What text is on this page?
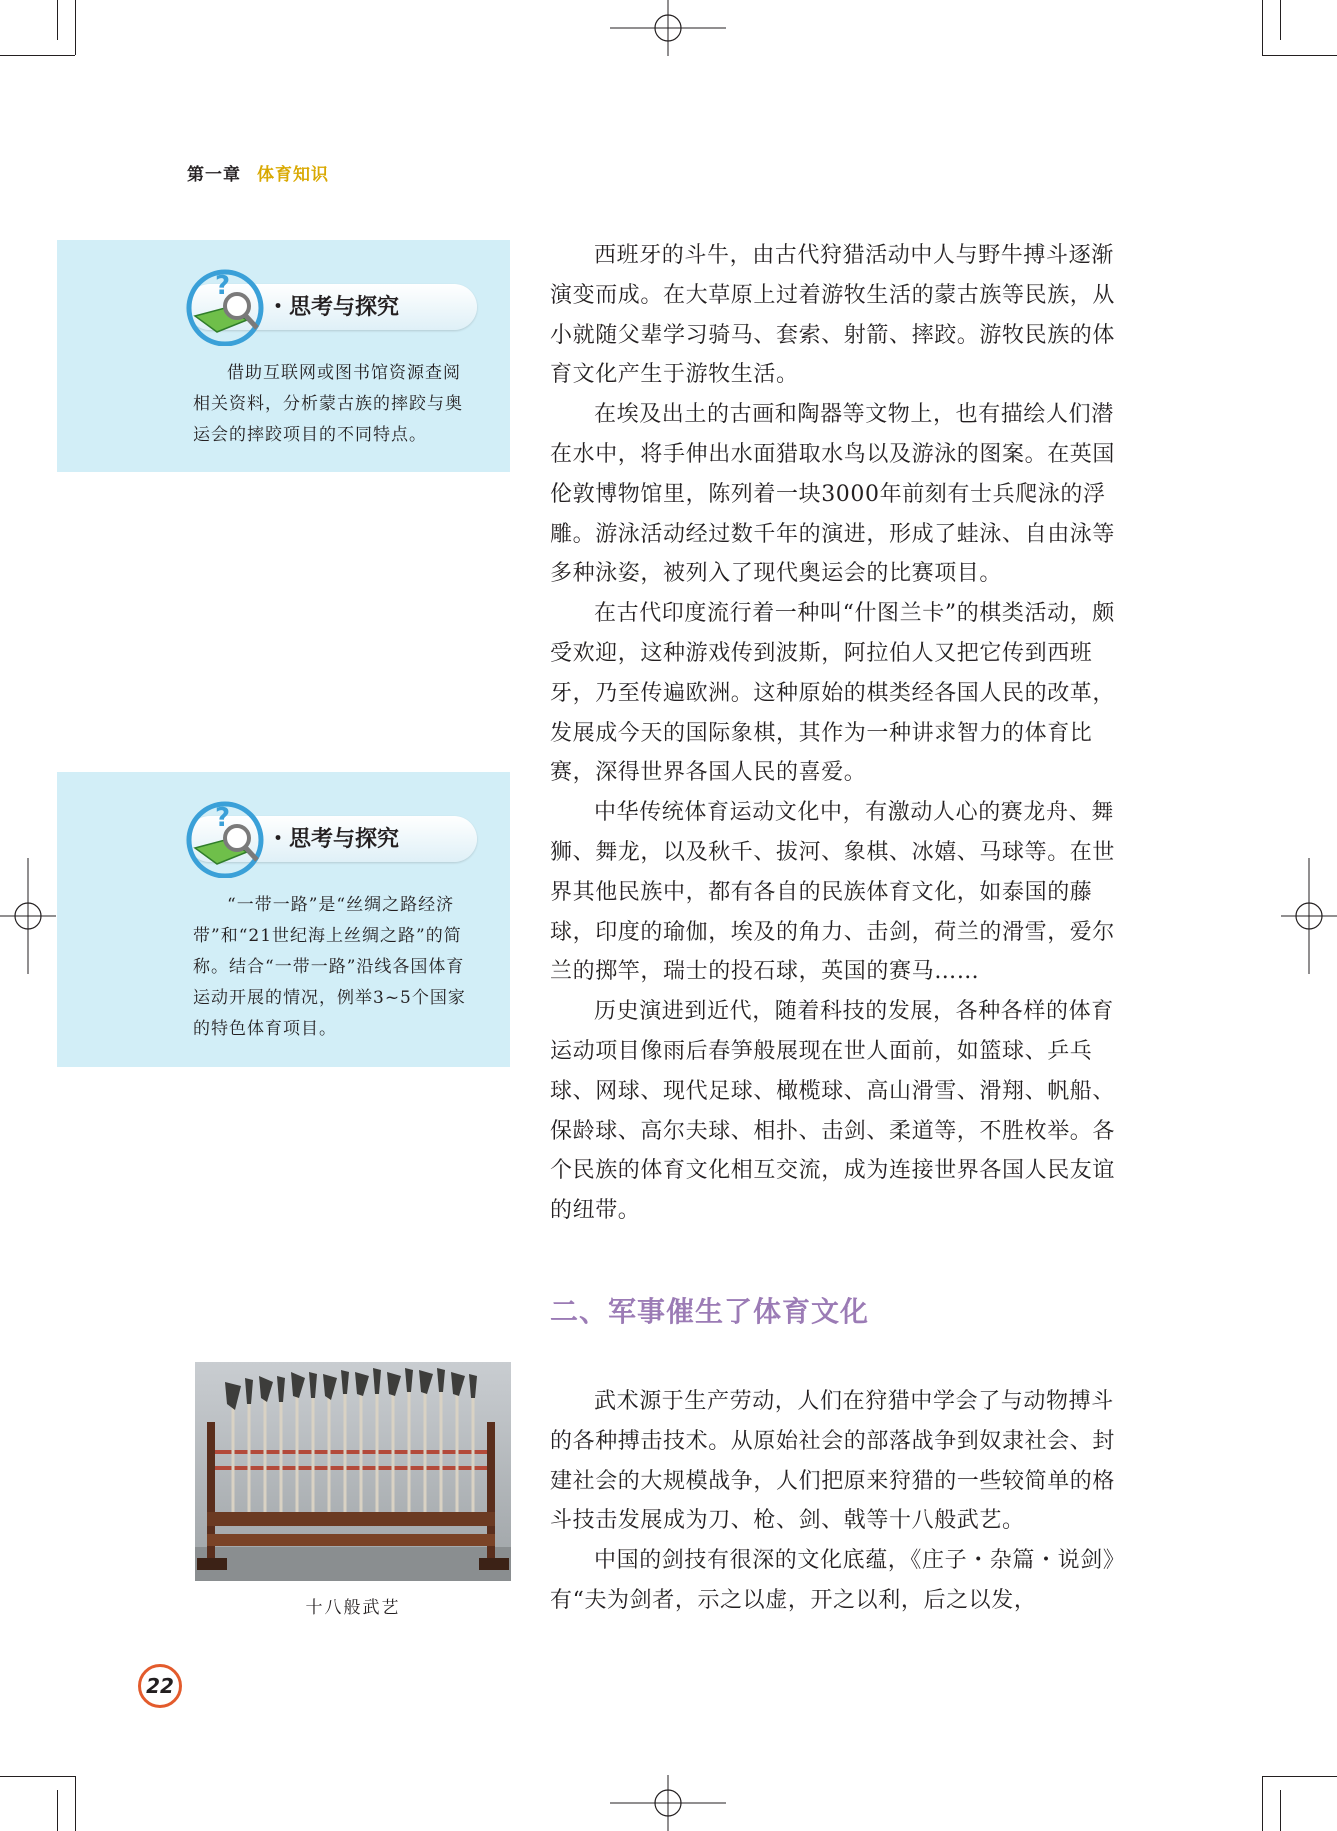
第一章 体育知识
?
・思考与探究
借助互联网或图书馆资源查阅相关资料，分析蒙古族的摔跤与奥运会的摔跤项目的不同特点。
?
・思考与探究
“一带一路”是“丝绸之路经济带”和“21世纪海上丝绸之路”的简称。结合“一带一路”沿线各国体育运动开展的情况，例举3~5个国家的特色体育项目。

西班牙的斗牛，由古代狩猎活动中人与野牛搏斗逐渐演变而成。在大草原上过着游牧生活的蒙古族等民族，从小就随父辈学习骑马、套索、射箭、摔跤。游牧民族的体育文化产生于游牧生活。

在埃及出土的古画和陶器等文物上，也有描绘人们潜在水中，将手伸出水面猎取水鸟以及游泳的图案。在英国伦敦博物馆里，陈列着一块3000年前刻有士兵爬泳的浮雕。游泳活动经过数千年的演进，形成了蛙泳、自由泳等多种泳姿，被列入了现代奥运会的比赛项目。

在古代印度流行着一种叫“什图兰卡”的棋类活动，颇受欢迎，这种游戏传到波斯，阿拉伯人又把它传到西班牙，乃至传遍欧洲。这种原始的棋类经各国人民的改革，发展成今天的国际象棋，其作为一种讲求智力的体育比赛，深得世界各国人民的喜爱。

中华传统体育运动文化中，有激动人心的赛龙舟、舞狮、舞龙，以及秋千、拔河、象棋、冰嬉、马球等。在世界其他民族中，都有各自的民族体育文化，如泰国的藤球，印度的瑜伽，埃及的角力、击剑，荷兰的滑雪，爱尔兰的掷竿，瑞士的投石球，英国的赛马……

历史演进到近代，随着科技的发展，各种各样的体育运动项目像雨后春笋般展现在世人面前，如篮球、乒乓球、网球、现代足球、橄榄球、高山滑雪、滑翔、帆船、保龄球、高尔夫球、相扑、击剑、柔道等，不胜枚举。各个民族的体育文化相互交流，成为连接世界各国人民友谊的纽带。

二、军事催生了体育文化

武术源于生产劳动，人们在狩猎中学会了与动物搏斗的各种搏击技术。从原始社会的部落战争到奴隶社会、封建社会的大规模战争，人们把原来狩猎的一些较简单的格斗技击发展成为刀、枪、剑、戟等十八般武艺。

中国的剑技有很深的文化底蕴，《庄子・杂篇・说剑》有“夫为剑者，示之以虚，开之以利，后之以发，

十八般武艺
22
